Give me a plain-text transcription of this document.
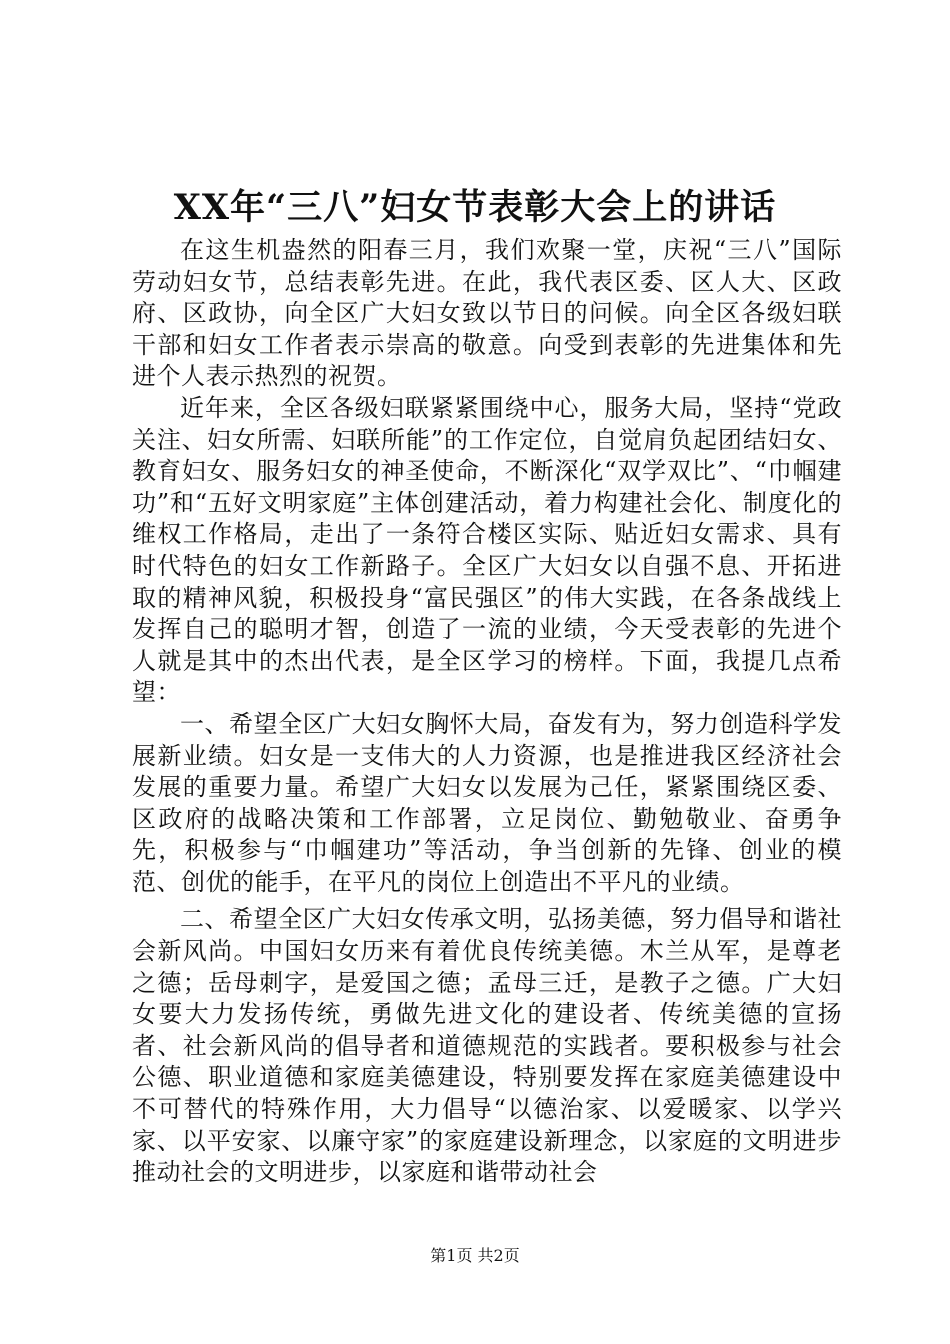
XX年“三八”妇女节表彰大会上的讲话

在这生机盎然的阳春三月，我们欢聚一堂，庆祝“三八”国际劳动妇女节，总结表彰先进。在此，我代表区委、区人大、区政府、区政协，向全区广大妇女致以节日的问候。向全区各级妇联干部和妇女工作者表示崇高的敬意。向受到表彰的先进集体和先进个人表示热烈的祝贺。

近年来，全区各级妇联紧紧围绕中心，服务大局，坚持“党政关注、妇女所需、妇联所能”的工作定位，自觉肩负起团结妇女、教育妇女、服务妇女的神圣使命，不断深化“双学双比”、“巾帼建功”和“五好文明家庭”主体创建活动，着力构建社会化、制度化的维权工作格局，走出了一条符合楼区实际、贴近妇女需求、具有时代特色的妇女工作新路子。全区广大妇女以自强不息、开拓进取的精神风貌，积极投身“富民强区”的伟大实践，在各条战线上发挥自己的聪明才智，创造了一流的业绩，今天受表彰的先进个人就是其中的杰出代表，是全区学习的榜样。下面，我提几点希望：

一、希望全区广大妇女胸怀大局，奋发有为，努力创造科学发展新业绩。妇女是一支伟大的人力资源，也是推进我区经济社会发展的重要力量。希望广大妇女以发展为己任，紧紧围绕区委、区政府的战略决策和工作部署，立足岗位、勤勉敬业、奋勇争先，积极参与“巾帼建功”等活动，争当创新的先锋、创业的模范、创优的能手，在平凡的岗位上创造出不平凡的业绩。

二、希望全区广大妇女传承文明，弘扬美德，努力倡导和谐社会新风尚。中国妇女历来有着优良传统美德。木兰从军，是尊老之德；岳母刺字，是爱国之德；孟母三迁，是教子之德。广大妇女要大力发扬传统，勇做先进文化的建设者、传统美德的宣扬者、社会新风尚的倡导者和道德规范的实践者。要积极参与社会公德、职业道德和家庭美德建设，特别要发挥在家庭美德建设中不可替代的特殊作用，大力倡导“以德治家、以爱暖家、以学兴家、以平安家、以廉守家”的家庭建设新理念，以家庭的文明进步推动社会的文明进步，以家庭和谐带动社会

第1页 共2页
